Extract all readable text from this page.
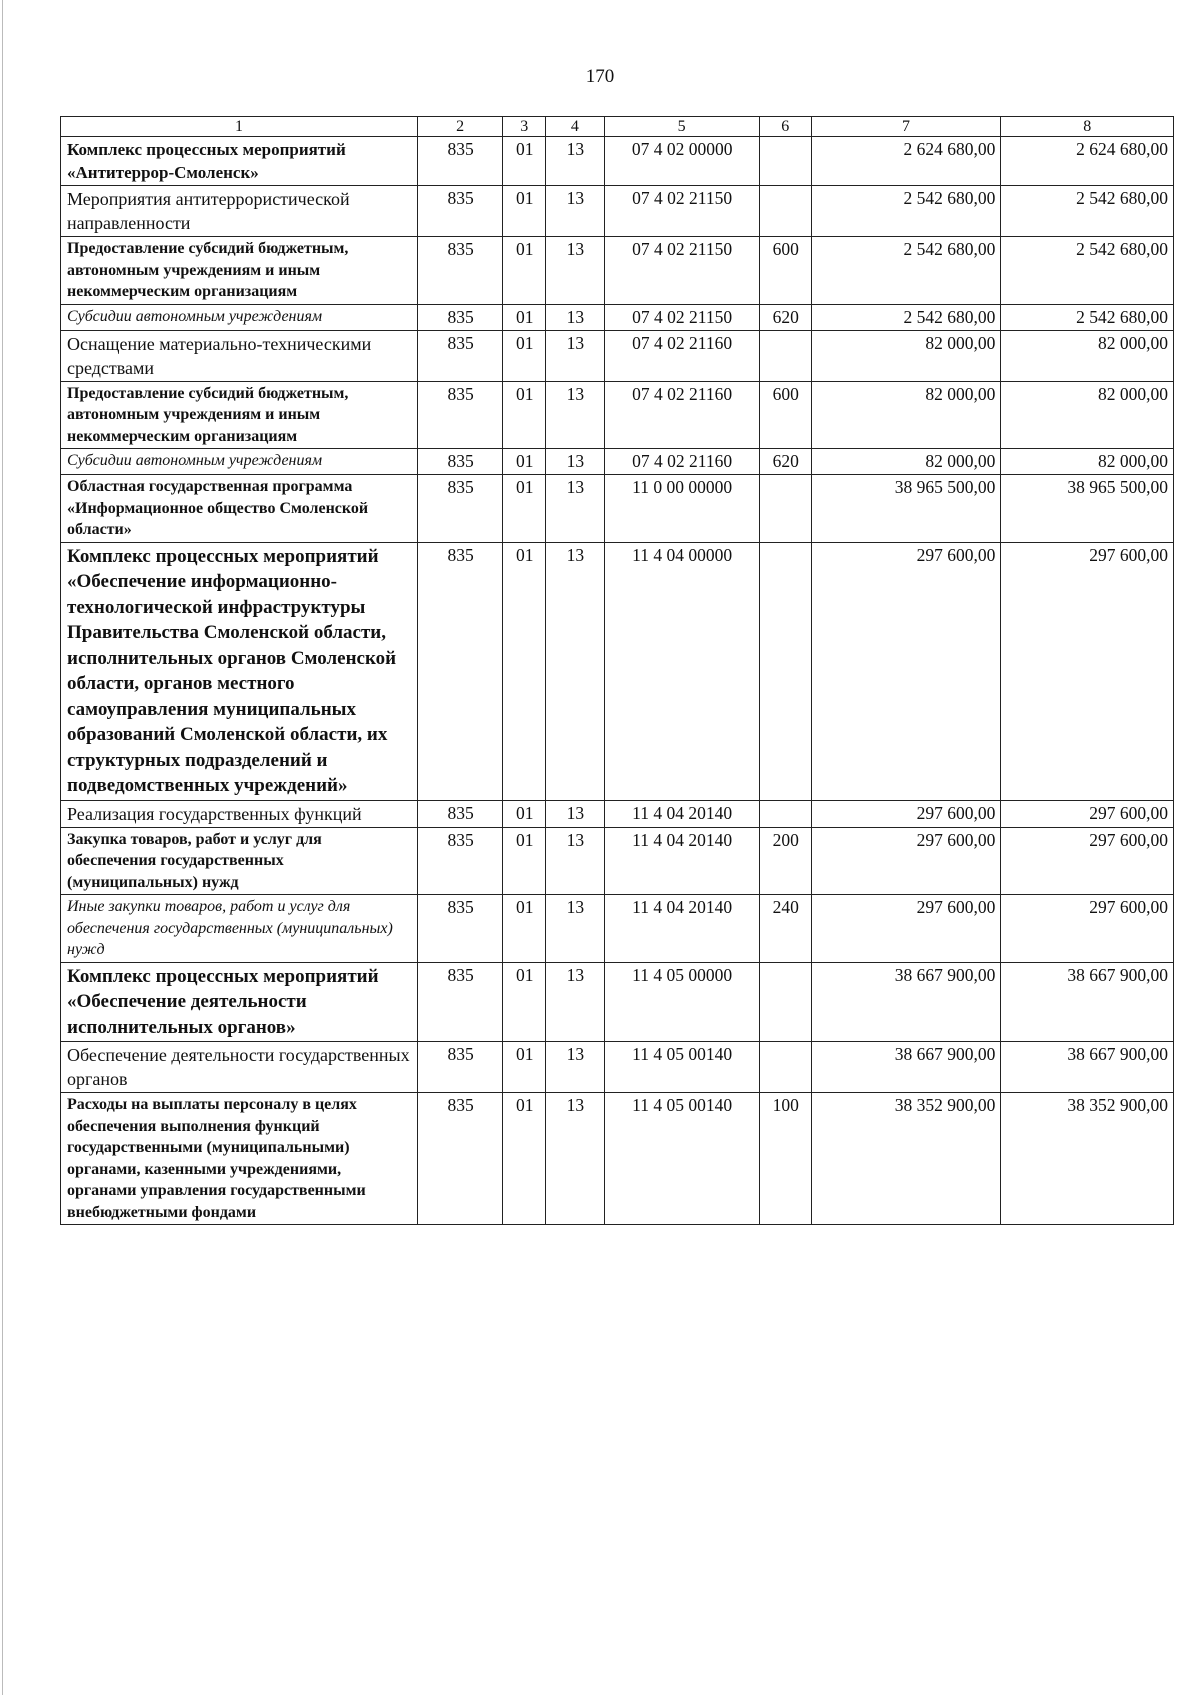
170
1	2	3	4	5	6	7	8
Комплекс процессных мероприятий «Антитеррор-Смоленск»	835	01	13	07 4 02 00000		2 624 680,00	2 624 680,00
Мероприятия антитеррористической направленности	835	01	13	07 4 02 21150		2 542 680,00	2 542 680,00
Предоставление субсидий бюджетным, автономным учреждениям и иным некоммерческим организациям	835	01	13	07 4 02 21150	600	2 542 680,00	2 542 680,00
Субсидии автономным учреждениям	835	01	13	07 4 02 21150	620	2 542 680,00	2 542 680,00
Оснащение материально-техническими средствами	835	01	13	07 4 02 21160		82 000,00	82 000,00
Предоставление субсидий бюджетным, автономным учреждениям и иным некоммерческим организациям	835	01	13	07 4 02 21160	600	82 000,00	82 000,00
Субсидии автономным учреждениям	835	01	13	07 4 02 21160	620	82 000,00	82 000,00
Областная государственная программа «Информационное общество Смоленской области»	835	01	13	11 0 00 00000		38 965 500,00	38 965 500,00
Комплекс процессных мероприятий «Обеспечение информационно-технологической инфраструктуры Правительства Смоленской области, исполнительных органов Смоленской области, органов местного самоуправления муниципальных образований Смоленской области, их структурных подразделений и подведомственных учреждений»	835	01	13	11 4 04 00000		297 600,00	297 600,00
Реализация государственных функций	835	01	13	11 4 04 20140		297 600,00	297 600,00
Закупка товаров, работ и услуг для обеспечения государственных (муниципальных) нужд	835	01	13	11 4 04 20140	200	297 600,00	297 600,00
Иные закупки товаров, работ и услуг для обеспечения государственных (муниципальных) нужд	835	01	13	11 4 04 20140	240	297 600,00	297 600,00
Комплекс процессных мероприятий «Обеспечение деятельности исполнительных органов»	835	01	13	11 4 05 00000		38 667 900,00	38 667 900,00
Обеспечение деятельности государственных органов	835	01	13	11 4 05 00140		38 667 900,00	38 667 900,00
Расходы на выплаты персоналу в целях обеспечения выполнения функций государственными (муниципальными) органами, казенными учреждениями, органами управления государственными внебюджетными фондами	835	01	13	11 4 05 00140	100	38 352 900,00	38 352 900,00
